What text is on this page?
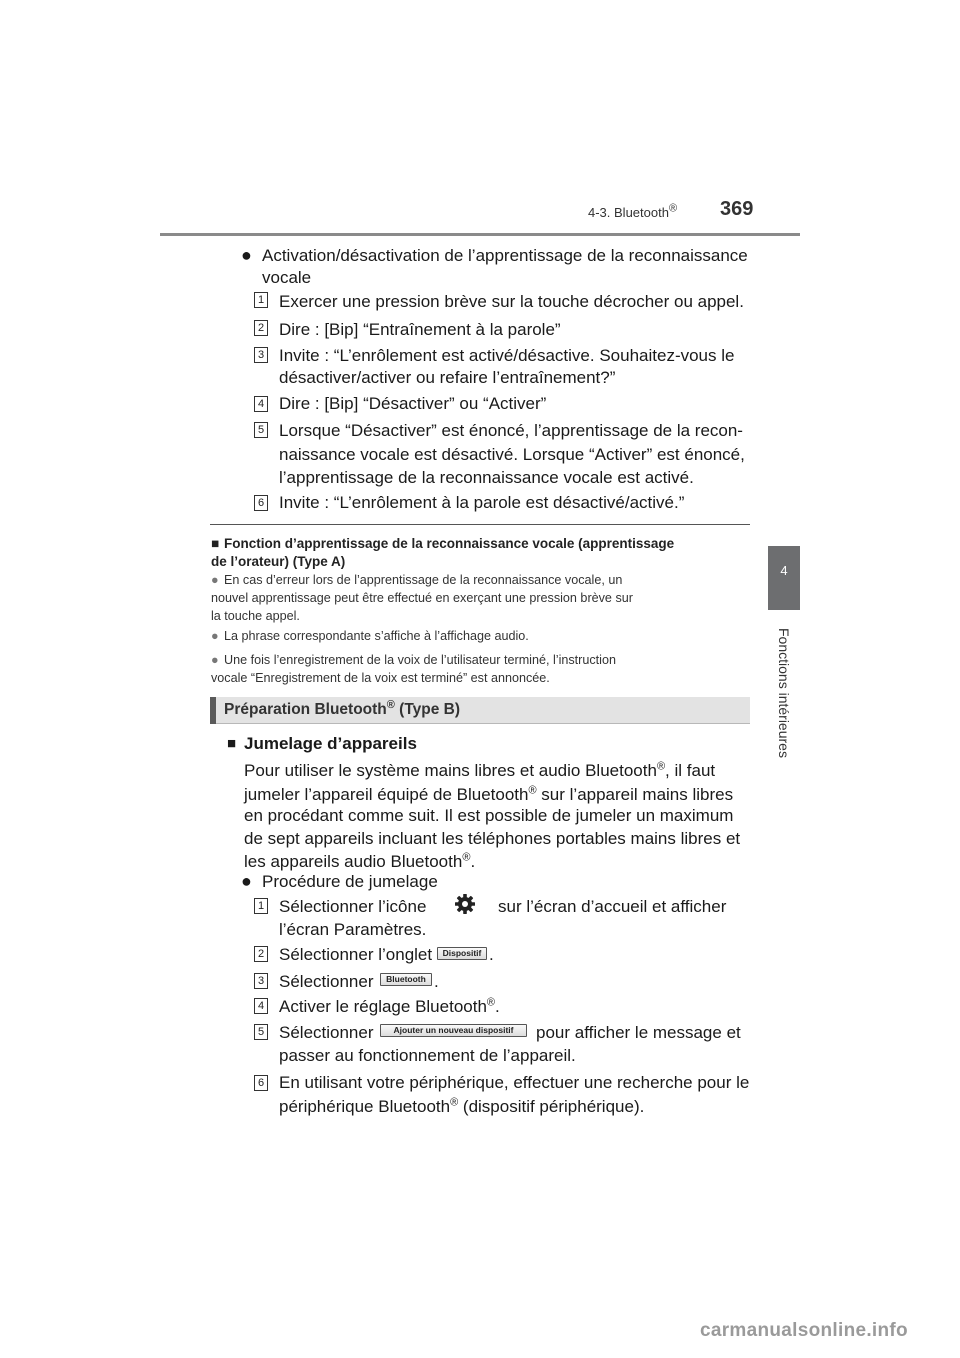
4-3. Bluetooth® 369
4
Fonctions intérieures
● Activation/désactivation de l’apprentissage de la reconnaissance
vocale
1 Exercer une pression brève sur la touche décrocher ou appel.
2 Dire : [Bip] “Entraînement à la parole”
3 Invite : “L’enrôlement est activé/désactive. Souhaitez-vous le
désactiver/activer ou refaire l’entraînement?”
4 Dire : [Bip] “Désactiver” ou “Activer”
5 Lorsque “Désactiver” est énoncé, l’apprentissage de la recon-
naissance vocale est désactivé. Lorsque “Activer” est énoncé,
l’apprentissage de la reconnaissance vocale est activé.
6 Invite : “L’enrôlement à la parole est désactivé/activé.”
■ Fonction d’apprentissage de la reconnaissance vocale (apprentissage
de l’orateur) (Type A)
● En cas d’erreur lors de l’apprentissage de la reconnaissance vocale, un
nouvel apprentissage peut être effectué en exerçant une pression brève sur
la touche appel.
● La phrase correspondante s’affiche à l’affichage audio.
● Une fois l’enregistrement de la voix de l’utilisateur terminé, l’instruction
vocale “Enregistrement de la voix est terminé” est annoncée.
Préparation Bluetooth® (Type B)
■ Jumelage d’appareils
Pour utiliser le système mains libres et audio Bluetooth®, il faut
jumeler l’appareil équipé de Bluetooth® sur l’appareil mains libres
en procédant comme suit. Il est possible de jumeler un maximum
de sept appareils incluant les téléphones portables mains libres et
les appareils audio Bluetooth®.
● Procédure de jumelage
1 Sélectionner l’icône	sur l’écran d’accueil et afficher
l’écran Paramètres.
2 Sélectionner l’onglet	Dispositif .
3 Sélectionner	Bluetooth .
4 Activer le réglage Bluetooth®.
5 Sélectionner	Ajouter un nouveau dispositif	pour afficher le message et
passer au fonctionnement de l’appareil.
6 En utilisant votre périphérique, effectuer une recherche pour le
périphérique Bluetooth® (dispositif périphérique).
carmanualsonline.info
